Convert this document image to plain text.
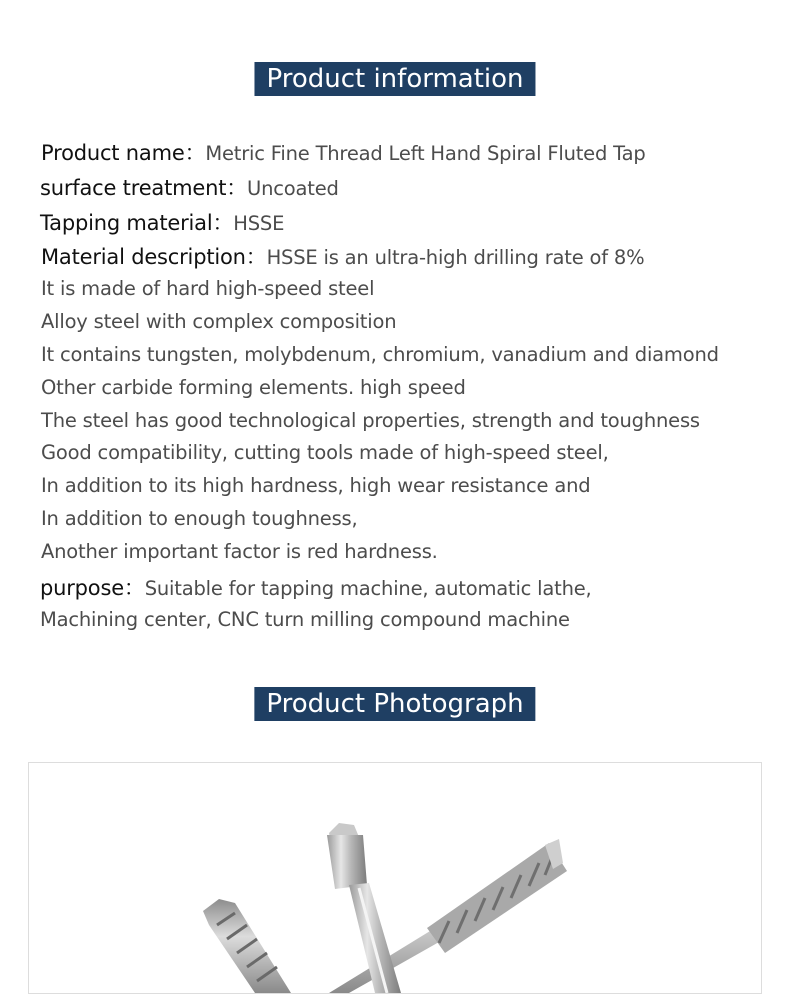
Product information
Product name：Metric Fine Thread Left Hand Spiral Fluted Tap
surface treatment：Uncoated
Tapping material：HSSE
Material description：HSSE is an ultra-high drilling rate of 8%
It is made of hard high-speed steel
Alloy steel with complex composition
It contains tungsten, molybdenum, chromium, vanadium and diamond
Other carbide forming elements. high speed
The steel has good technological properties, strength and toughness
Good compatibility, cutting tools made of high-speed steel,
In addition to its high hardness, high wear resistance and
In addition to enough toughness,
Another important factor is red hardness.
purpose：Suitable for tapping machine, automatic lathe,
Machining center, CNC turn milling compound machine
Product Photograph
